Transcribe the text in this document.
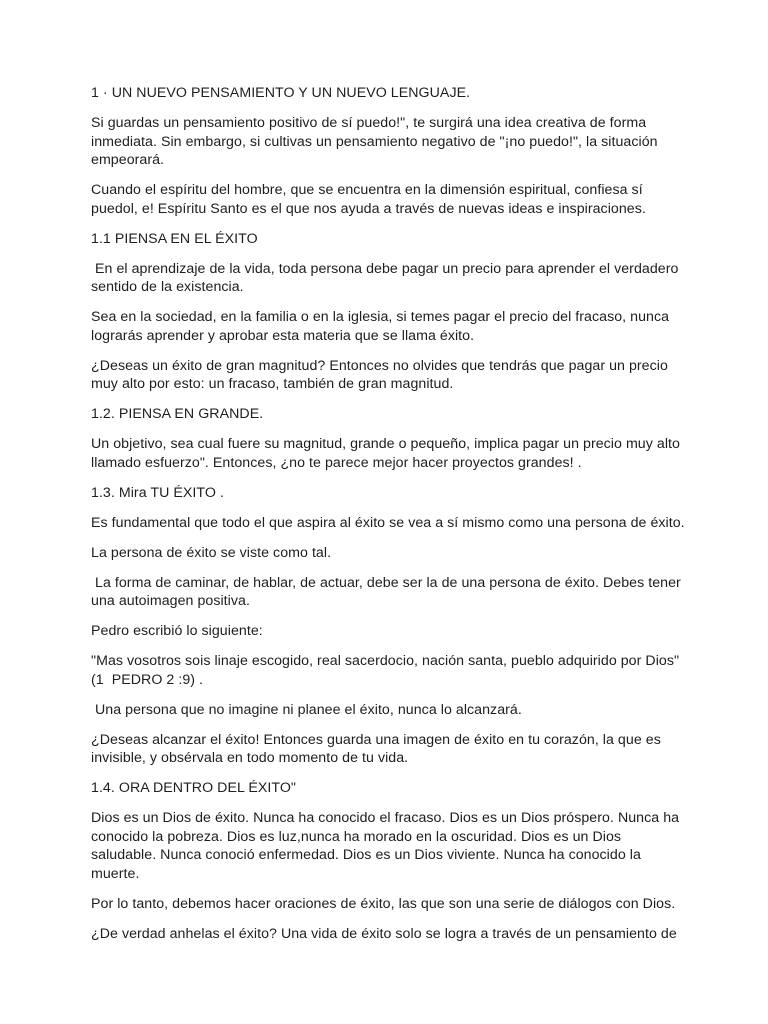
1 · UN NUEVO PENSAMIENTO Y UN NUEVO LENGUAJE.

Si guardas un pensamiento positivo de sí puedo!", te surgirá una idea creativa de forma inmediata. Sin embargo, si cultivas un pensamiento negativo de "¡no puedo!", la situación empeorará.

Cuando el espíritu del hombre, que se encuentra en la dimensión espiritual, confiesa sí puedol, e! Espíritu Santo es el que nos ayuda a través de nuevas ideas e inspiraciones.

1.1 PIENSA EN EL ÉXITO

En el aprendizaje de la vida, toda persona debe pagar un precio para aprender el verdadero sentido de la existencia.

Sea en la sociedad, en la familia o en la iglesia, si temes pagar el precio del fracaso, nunca lograrás aprender y aprobar esta materia que se llama éxito.

¿Deseas un éxito de gran magnitud? Entonces no olvides que tendrás que pagar un precio muy alto por esto: un fracaso, también de gran magnitud.

1.2. PIENSA EN GRANDE.

Un objetivo, sea cual fuere su magnitud, grande o pequeño, implica pagar un precio muy alto llamado esfuerzo". Entonces, ¿no te parece mejor hacer proyectos grandes! .

1.3. Mira TU ÉXITO .

Es fundamental que todo el que aspira al éxito se vea a sí mismo como una persona de éxito.

La persona de éxito se viste como tal.

La forma de caminar, de hablar, de actuar, debe ser la de una persona de éxito. Debes tener una autoimagen positiva.

Pedro escribió lo siguiente:

"Mas vosotros sois linaje escogido, real sacerdocio, nación santa, pueblo adquirido por Dios" (1  PEDRO 2 :9) .

Una persona que no imagine ni planee el éxito, nunca lo alcanzará.

¿Deseas alcanzar el éxito! Entonces guarda una imagen de éxito en tu corazón, la que es invisible, y obsérvala en todo momento de tu vida.

1.4. ORA DENTRO DEL ÉXITO"

Dios es un Dios de éxito. Nunca ha conocido el fracaso. Dios es un Dios próspero. Nunca ha conocido la pobreza. Dios es luz,nunca ha morado en la oscuridad. Dios es un Dios saludable. Nunca conoció enfermedad. Dios es un Dios viviente. Nunca ha conocido la muerte.

Por lo tanto, debemos hacer oraciones de éxito, las que son una serie de diálogos con Dios.

¿De verdad anhelas el éxito? Una vida de éxito solo se logra a través de un pensamiento de
